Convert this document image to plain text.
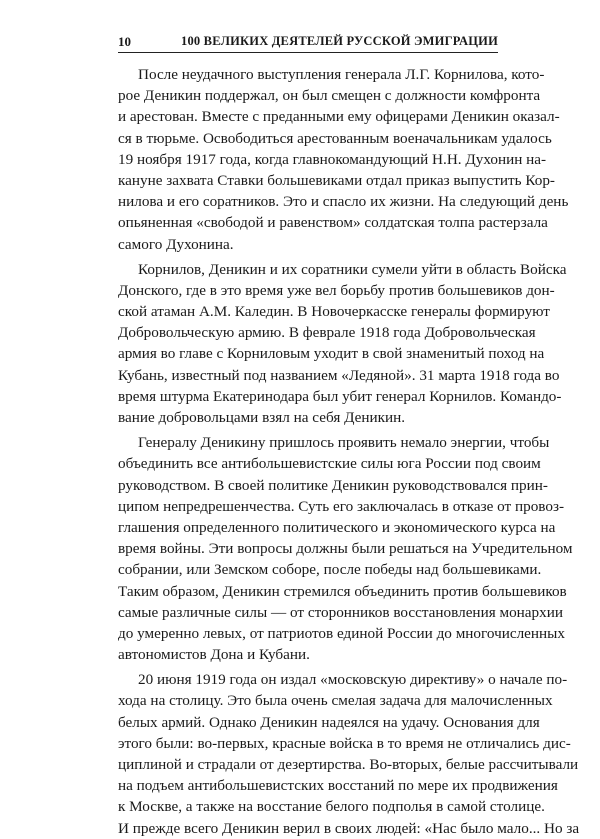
10	100 ВЕЛИКИХ ДЕЯТЕЛЕЙ РУССКОЙ ЭМИГРАЦИИ
После неудачного выступления генерала Л.Г. Корнилова, кото-
рое Деникин поддержал, он был смещен с должности комфронта
и арестован. Вместе с преданными ему офицерами Деникин оказал-
ся в тюрьме. Освободиться арестованным военачальникам удалось
19 ноября 1917 года, когда главнокомандующий Н.Н. Духонин на-
кануне захвата Ставки большевиками отдал приказ выпустить Кор-
нилова и его соратников. Это и спасло их жизни. На следующий день
опьяненная «свободой и равенством» солдатская толпа растерзала
самого Духонина.
Корнилов, Деникин и их соратники сумели уйти в область Войска
Донского, где в это время уже вел борьбу против большевиков дон-
ской атаман А.М. Каледин. В Новочеркасске генералы формируют
Добровольческую армию. В феврале 1918 года Добровольческая
армия во главе с Корниловым уходит в свой знаменитый поход на
Кубань, известный под названием «Ледяной». 31 марта 1918 года во
время штурма Екатеринодара был убит генерал Корнилов. Командо-
вание добровольцами взял на себя Деникин.
Генералу Деникину пришлось проявить немало энергии, чтобы
объединить все антибольшевистские силы юга России под своим
руководством. В своей политике Деникин руководствовался прин-
ципом непредрешенчества. Суть его заключалась в отказе от провоз-
глашения определенного политического и экономического курса на
время войны. Эти вопросы должны были решаться на Учредительном
собрании, или Земском соборе, после победы над большевиками.
Таким образом, Деникин стремился объединить против большевиков
самые различные силы — от сторонников восстановления монархии
до умеренно левых, от патриотов единой России до многочисленных
автономистов Дона и Кубани.
20 июня 1919 года он издал «московскую директиву» о начале по-
хода на столицу. Это была очень смелая задача для малочисленных
белых армий. Однако Деникин надеялся на удачу. Основания для
этого были: во-первых, красные войска в то время не отличались дис-
циплиной и страдали от дезертирства. Во-вторых, белые рассчитывали
на подъем антибольшевистских восстаний по мере их продвижения
к Москве, а также на восстание белого подполья в самой столице.
И прежде всего Деникин верил в своих людей: «Нас было мало... Но за
